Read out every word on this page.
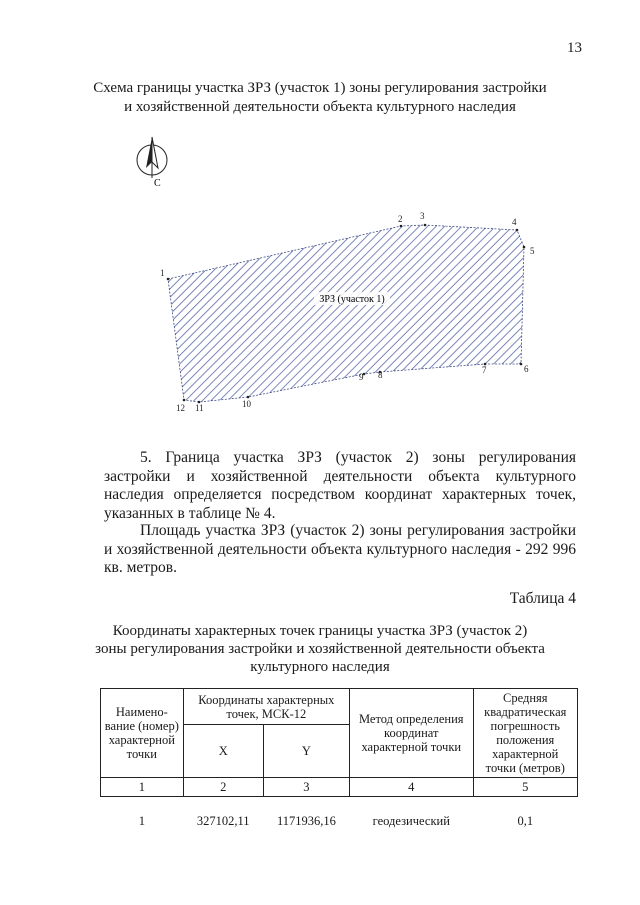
13
Схема границы участка ЗРЗ (участок 1) зоны регулирования застройки
и хозяйственной деятельности объекта культурного наследия
С
ЗРЗ (участок 1)
1
2 3
4
5
6
7
8
9
10
11
12
5. Граница участка ЗРЗ (участок 2) зоны регулирования застройки и хозяйственной деятельности объекта культурного наследия определяется посредством координат характерных точек, указанных в таблице № 4.
Площадь участка ЗРЗ (участок 2) зоны регулирования застройки и хозяйственной деятельности объекта культурного наследия - 292 996 кв. метров.
Таблица 4
Координаты характерных точек границы участка ЗРЗ (участок 2)
зоны регулирования застройки и хозяйственной деятельности объекта
культурного наследия
Наимено-вание (номер) характерной точки	Координаты характерных точек, МСК-12		Метод определения координат характерной точки	Средняя квадратическая погрешность положения характерной точки (метров)
	X	Y		
1	2	3	4	5
1	327102,11	1171936,16	геодезический	0,1
